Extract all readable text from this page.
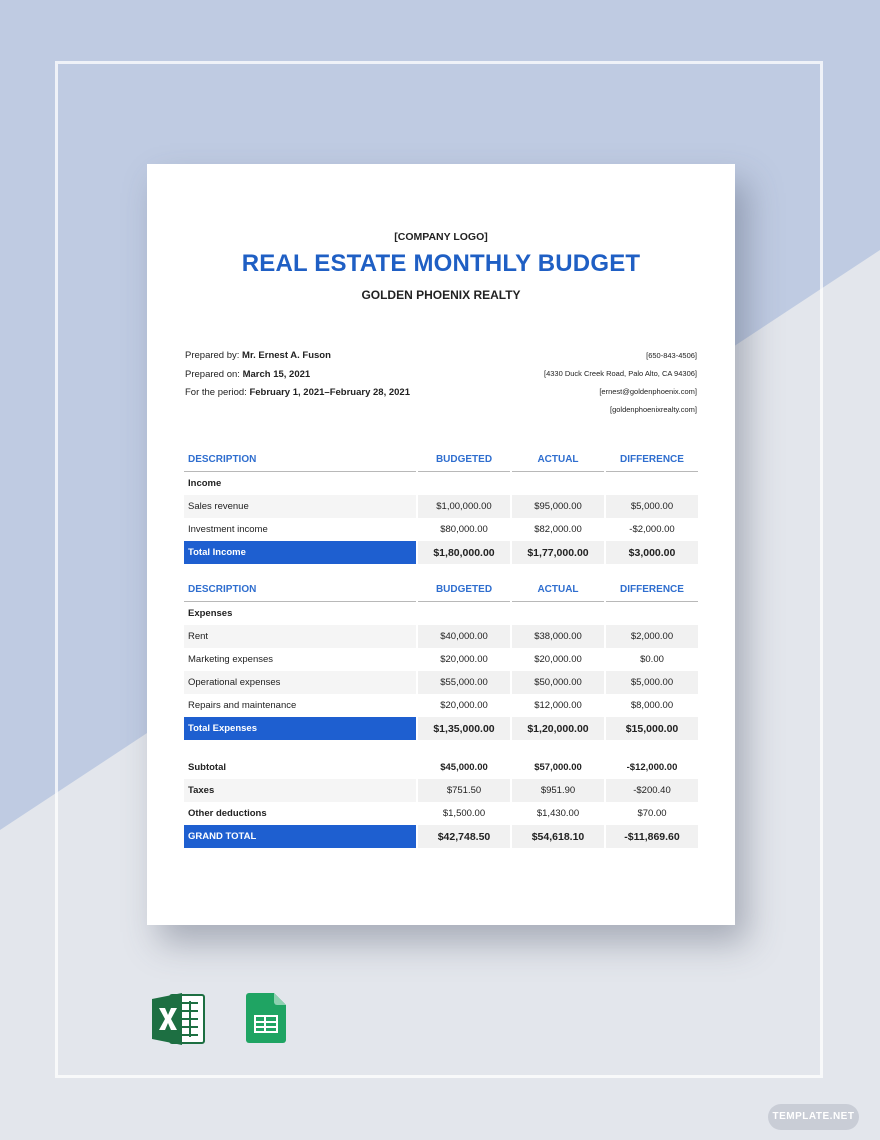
[COMPANY LOGO]
REAL ESTATE MONTHLY BUDGET
GOLDEN PHOENIX REALTY
Prepared by: Mr. Ernest A. Fuson
Prepared on: March 15, 2021
For the period: February 1, 2021–February 28, 2021
[650-843-4506]
[4330 Duck Creek Road, Palo Alto, CA 94306]
[ernest@goldenphoenix.com]
[goldenphoenixrealty.com]
DESCRIPTION	BUDGETED	ACTUAL	DIFFERENCE
Income			
Sales revenue	$1,00,000.00	$95,000.00	$5,000.00
Investment income	$80,000.00	$82,000.00	-$2,000.00
Total Income	$1,80,000.00	$1,77,000.00	$3,000.00
DESCRIPTION	BUDGETED	ACTUAL	DIFFERENCE
Expenses			
Rent	$40,000.00	$38,000.00	$2,000.00
Marketing expenses	$20,000.00	$20,000.00	$0.00
Operational expenses	$55,000.00	$50,000.00	$5,000.00
Repairs and maintenance	$20,000.00	$12,000.00	$8,000.00
Total Expenses	$1,35,000.00	$1,20,000.00	$15,000.00
Subtotal	$45,000.00	$57,000.00	-$12,000.00
Taxes	$751.50	$951.90	-$200.40
Other deductions	$1,500.00	$1,430.00	$70.00
GRAND TOTAL	$42,748.50	$54,618.10	-$11,869.60
TEMPLATE.NET
